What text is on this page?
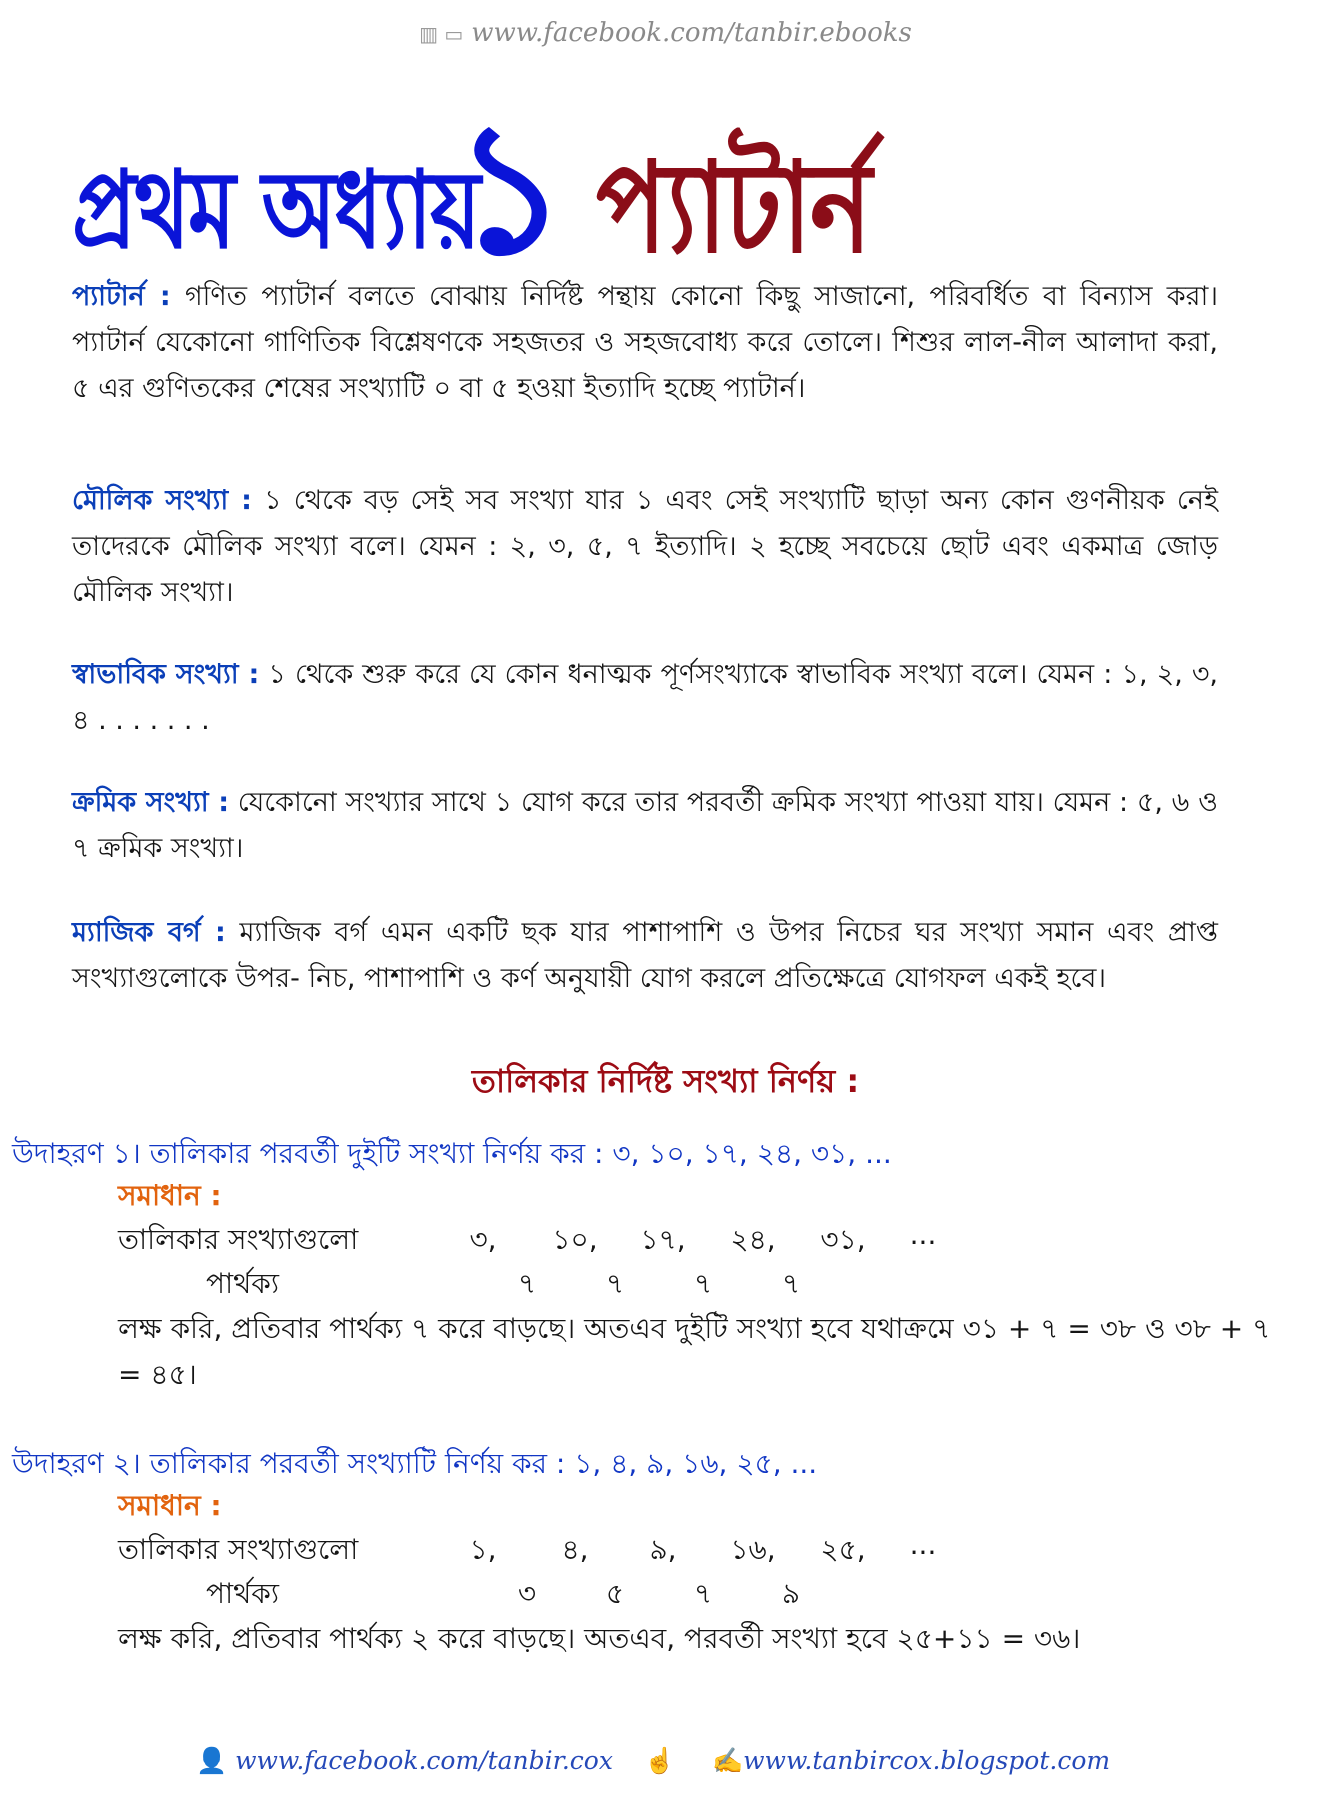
▥ ▭ www.facebook.com/tanbir.ebooks
প্রথম অধ্যায়
১ প্যাটার্ন

প্যাটার্ন : গণিত প্যাটার্ন বলতে বোঝায় নির্দিষ্ট পন্থায় কোনো কিছু সাজানো, পরিবর্ধিত বা বিন্যাস করা। প্যাটার্ন যেকোনো গাণিতিক বিশ্লেষণকে সহজতর ও সহজবোধ্য করে তোলে। শিশুর লাল-নীল আলাদা করা, ৫ এর গুণিতকের শেষের সংখ্যাটি ০ বা ৫ হওয়া ইত্যাদি হচ্ছে প্যাটার্ন।

মৌলিক সংখ্যা : ১ থেকে বড় সেই সব সংখ্যা যার ১ এবং সেই সংখ্যাটি ছাড়া অন্য কোন গুণনীয়ক নেই তাদেরকে মৌলিক সংখ্যা বলে। যেমন : ২, ৩, ৫, ৭ ইত্যাদি। ২ হচ্ছে সবচেয়ে ছোট এবং একমাত্র জোড় মৌলিক সংখ্যা।

স্বাভাবিক সংখ্যা : ১ থেকে শুরু করে যে কোন ধনাত্মক পূর্ণসংখ্যাকে স্বাভাবিক সংখ্যা বলে। যেমন : ১, ২, ৩, ৪ . . . . . . .

ক্রমিক সংখ্যা : যেকোনো সংখ্যার সাথে ১ যোগ করে তার পরবর্তী ক্রমিক সংখ্যা পাওয়া যায়। যেমন : ৫, ৬ ও ৭ ক্রমিক সংখ্যা।

ম্যাজিক বর্গ : ম্যাজিক বর্গ এমন একটি ছক যার পাশাপাশি ও উপর নিচের ঘর সংখ্যা সমান এবং প্রাপ্ত সংখ্যাগুলোকে উপর- নিচ, পাশাপাশি ও কর্ণ অনুযায়ী যোগ করলে প্রতিক্ষেত্রে যোগফল একই হবে।

তালিকার নির্দিষ্ট সংখ্যা নির্ণয় :
উদাহরণ ১। তালিকার পরবর্তী দুইটি সংখ্যা নির্ণয় কর : ৩, ১০, ১৭, ২৪, ৩১, ...
সমাধান :
তালিকার সংখ্যাগুলো	৩,	১০,	১৭,	২৪,	৩১,	...
পার্থক্য	৭	৭	৭	৭
লক্ষ করি, প্রতিবার পার্থক্য ৭ করে বাড়ছে। অতএব দুইটি সংখ্যা হবে যথাক্রমে ৩১ + ৭ = ৩৮ ও ৩৮ + ৭ = ৪৫।
উদাহরণ ২। তালিকার পরবর্তী সংখ্যাটি নির্ণয় কর : ১, ৪, ৯, ১৬, ২৫, ...
সমাধান :
তালিকার সংখ্যাগুলো	১,	৪,	৯,	১৬,	২৫,	...
পার্থক্য	৩	৫	৭	৯
লক্ষ করি, প্রতিবার পার্থক্য ২ করে বাড়ছে। অতএব, পরবর্তী সংখ্যা হবে ২৫+১১ = ৩৬।
👤 www.facebook.com/tanbir.cox ☝ ✍www.tanbircox.blogspot.com
